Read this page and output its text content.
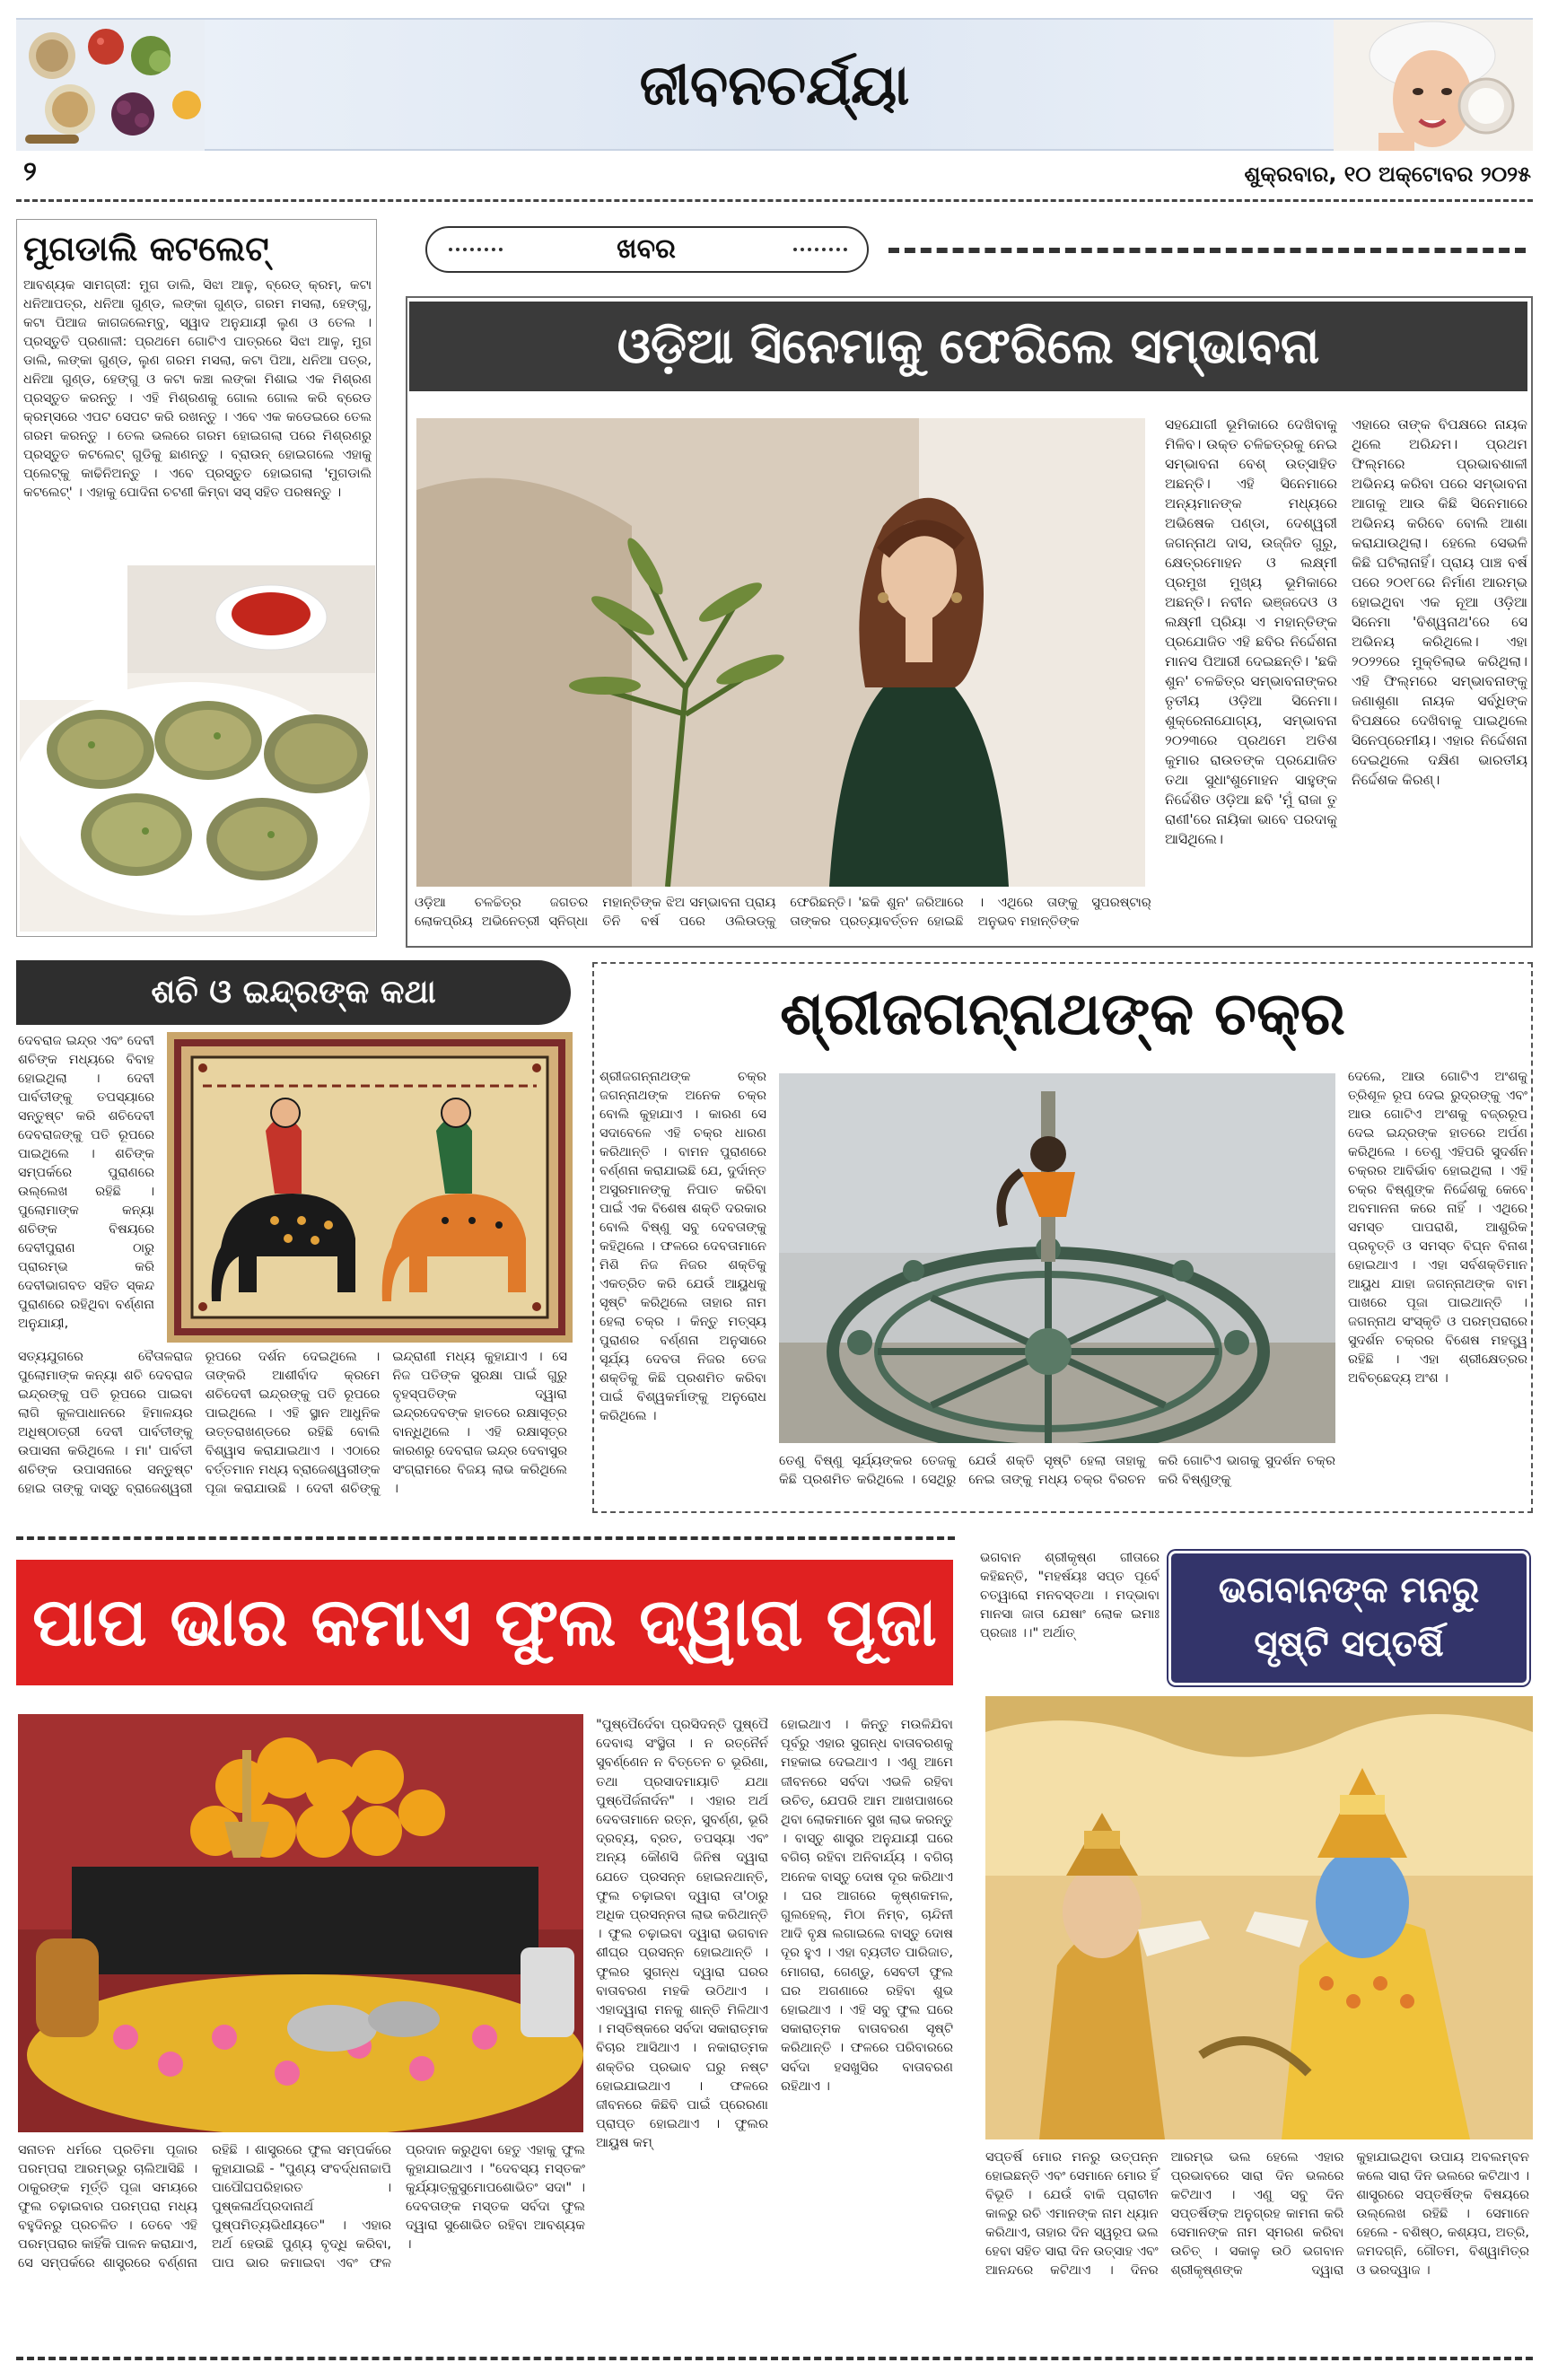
ଜୀବନଚର୍ଯ୍ୟା
୨	ଶୁକ୍ରବାର, ୧୦ ଅକ୍ଟୋବର ୨୦୨୫
ମୁଗଡାଲି କଟଲେଟ୍
ଆବଶ୍ୟକ ସାମଗ୍ରୀ: ମୁଗ ଡାଲି, ସିଝା ଆଳୁ, ବ୍ରେଡ୍ କ୍ରମ୍, କଟା ଧନିଆପତ୍ର, ଧନିଆ ଗୁଣ୍ଡ, ଲଙ୍କା ଗୁଣ୍ଡ, ଗରମ ମସଲା, ହେଙ୍ଗୁ, କଟା ପିଆଜ କାଗଜଲେମ୍ବୁ, ସ୍ୱାଦ ଅନୁଯାୟୀ ଲୁଣ ଓ ତେଲ । ପ୍ରସ୍ତୁତି ପ୍ରଣାଳୀ: ପ୍ରଥମେ ଗୋଟିଏ ପାତ୍ରରେ ସିଝା ଆଳୁ, ମୁଗ ଡାଲି, ଲଙ୍କା ଗୁଣ୍ଡ, ଲୁଣ ଗରମ ମସଲା, କଟା ପିଆ, ଧନିଆ ପତ୍ର, ଧନିଆ ଗୁଣ୍ଡ, ହେଙ୍ଗୁ ଓ କଟା କଞ୍ଚା ଲଙ୍କା ମିଶାଇ ଏକ ମିଶ୍ରଣ ପ୍ରସ୍ତୁତ କରନ୍ତୁ । ଏହି ମିଶ୍ରଣକୁ ଗୋଲ ଗୋଲ କରି ବ୍ରେଡ କ୍ରମ୍ସରେ ଏପଟ ସେପଟ କରି ରଖନ୍ତୁ । ଏବେ ଏକ କଡେଇରେ ତେଲ ଗରମ କରନ୍ତୁ । ତେଲ ଭଲରେ ଗରମ ହୋଇଗଲା ପରେ ମିଶ୍ରଣରୁ ପ୍ରସ୍ତୁତ କଟଲେଟ୍ ଗୁଡିକୁ ଛାଣନ୍ତୁ । ବ୍ରାଉନ୍ ହୋଇଗଲେ ଏହାକୁ ପ୍ଲେଟ୍‌କୁ କାଢିନିଅନ୍ତୁ । ଏବେ ପ୍ରସ୍ତୁତ ହୋଇଗଲା 'ମୁଗଡାଲି କଟଲେଟ୍' । ଏହାକୁ ପୋଦିନା ଚଟଣୀ କିମ୍ବା ସସ୍ ସହିତ ପରଷନ୍ତୁ ।
ଖବର
ଓଡ଼ିଆ ସିନେମାକୁ ଫେରିଲେ ସମ୍ଭାବନା
ସହଯୋଗୀ ଭୂମିକାରେ ଦେଖିବାକୁ ମିଳିବ। ଉକ୍ତ ଚଳିଚ୍ଚତ୍ରକୁ ନେଇ ସମ୍ଭାବନା ବେଶ୍ ଉତ୍ସାହିତ ଅଛନ୍ତି। ଏହି ସିନେମାରେ ଅନ୍ୟମାନଙ୍କ ମଧ୍ୟରେ ଅଭିଷେକ ପଣ୍ଡା, ଦେଶ୍ୱରୀ ଜଗନ୍ନାଥ ଦାସ, ଉଜ୍ଜିତ ଗୁରୁ, କ୍ଷେତ୍ରମୋହନ ଓ ଲକ୍ଷ୍ମୀ ପ୍ରମୁଖ ମୁଖ୍ୟ ଭୂମିକାରେ ଅଛନ୍ତି। ନବୀନ ଭଞ୍ଜଦେଓ ଓ ଲକ୍ଷ୍ମୀ ପ୍ରିୟା ଏ ମହାନ୍ତିଙ୍କ ପ୍ରଯୋଜିତ ଏହି ଛବିର ନିର୍ଦ୍ଦେଶନା ମାନସ ପିଆରୀ ଦେଇଛନ୍ତି। 'ଛକି ଶୁନ' ଚଳଚ୍ଚିତ୍ର ସମ୍ଭାବନାଙ୍କର ତୃତୀୟ ଓଡ଼ିଆ ସିନେମା। ଶୁକ୍ରେନାଯୋଗ୍ୟ, ସମ୍ଭାବନା ୨୦୨୩ରେ ପ୍ରଥମେ ଅତିଶ କୁମାର ରାଉତଙ୍କ ପ୍ରଯୋଜିତ ତଥା ସୁଧାଂଶୁମୋହନ ସାହୁଙ୍କ ନିର୍ଦ୍ଦେଶିତ ଓଡ଼ିଆ ଛବି 'ମୁଁ ରାଜା ତୁ ରାଣୀ'ରେ ନାୟିକା ଭାବେ ପରଦାକୁ ଆସିଥିଲେ।
ଏହାରେ ତାଙ୍କ ବିପକ୍ଷରେ ନାୟକ ଥିଲେ ଅରିନ୍ଦମ। ପ୍ରଥମ ଫିଲ୍ମରେ ପ୍ରଭାବଶାଳୀ ଅଭିନୟ କରିବା ପରେ ସମ୍ଭାବନା ଆଗକୁ ଆଉ କିଛି ସିନେମାରେ ଅଭିନୟ କରିବେ ବୋଲି ଆଶା କରାଯାଉଥିଲା। ହେଲେ ସେଭଳି କିଛି ଘଟିଲାନାହିଁ। ପ୍ରାୟ ପାଞ୍ଚ ବର୍ଷ ପରେ ୨୦୧୮ରେ ନିର୍ମାଣ ଆରମ୍ଭ ହୋଇଥିବା ଏକ ନୂଆ ଓଡ଼ିଆ ସିନେମା 'ବିଶ୍ୱନାଥ'ରେ ସେ ଅଭିନୟ କରିଥିଲେ। ଏହା ୨୦୨୨ରେ ମୁକ୍ତିଲାଭ କରିଥିଲା। ଏହି ଫିଲ୍ମରେ ସମ୍ଭାବନାଙ୍କୁ ଜଣାଶୁଣା ନାୟକ ସର୍ବ୍ଧିଙ୍କ ବିପକ୍ଷରେ ଦେଖିବାକୁ ପାଇଥିଲେ ସିନେପ୍ରେମୀୟ। ଏହାର ନିର୍ଦ୍ଦେଶନା ଦେଇଥିଲେ ଦକ୍ଷିଣ ଭାରତୀୟ ନିର୍ଦ୍ଦେଶକ କିରଣ୍।
ଓଡ଼ିଆ ଚଳଚ୍ଚିତ୍ର ଜଗତର ଲୋକପ୍ରିୟ ଅଭିନେତ୍ରୀ ସ୍ନିଗ୍ଧା ମହାନ୍ତିଙ୍କ ଝିଅ ସମ୍ଭାବନା ପ୍ରାୟ ତିନି ବର୍ଷ ପରେ ଓଲିଉଡ୍‌କୁ ଫେରିଛନ୍ତି। 'ଛକି ଶୁନ' ଜରିଆରେ ତାଙ୍କର ପ୍ରତ୍ୟାବର୍ତ୍ତନ ହୋଇଛି । ଏଥିରେ ତାଙ୍କୁ ସୁପରଷ୍ଟାର୍ ଅନୁଭବ ମହାନ୍ତିଙ୍କ
ଶଚି ଓ ଇନ୍ଦ୍ରଙ୍କ କଥା
ଦେବରାଜ ଇନ୍ଦ୍ର ଏବଂ ଦେବୀ ଶଚିଙ୍କ ମଧ୍ୟରେ ବିବାହ ହୋଇଥିଲା । ଦେବୀ ପାର୍ବତୀଙ୍କୁ ତପସ୍ୟାରେ ସନ୍ତୁଷ୍ଟ କରି ଶଚିଦେବୀ ଦେବରାଜଙ୍କୁ ପତି ରୂପରେ ପାଇଥିଲେ । ଶଚିଙ୍କ ସମ୍ପର୍କରେ ପୁରାଣରେ ଉଲ୍ଲେଖ ରହିଛି । ପୁଲୋମାଙ୍କ କନ୍ୟା ଶଚିଙ୍କ ବିଷୟରେ ଦେବୀପୁରାଣ ଠାରୁ ପ୍ରାରମ୍ଭ କରି ଦେବୀଭାଗବତ ସହିତ ସ୍କନ୍ଦ ପୁରାଣରେ ରହିଥିବା ବର୍ଣ୍ଣନା ଅନୁଯାୟୀ,
ସତ୍ୟଯୁଗରେ ବୈତାଳରାଜ ପୁଲୋମାଙ୍କ କନ୍ୟା ଶଚି ଦେବରାଜ ଇନ୍ଦ୍ରଙ୍କୁ ପତି ରୂପରେ ପାଇବା ଲାଗି କୁଳପାଧାନରେ ହିମାଳୟର ଅଧିଷ୍ଠାତ୍ରୀ ଦେବୀ ପାର୍ବତୀଙ୍କୁ ଉପାସନା କରିଥିଲେ । ମା' ପାର୍ବତୀ ଶଚିଙ୍କ ଉପାସନାରେ ସନ୍ତୁଷ୍ଟ ହୋଇ ତାଙ୍କୁ ଦାସ୍ତୁ ବ୍ରାଜେଶ୍ୱରୀ ରୂପରେ ଦର୍ଶନ ଦେଇଥିଲେ । ତାଙ୍କରି ଆଶୀର୍ବାଦ କ୍ରମେ ଶଚିଦେବୀ ଇନ୍ଦ୍ରଙ୍କୁ ପତି ରୂପରେ ପାଇଥିଲେ । ଏହି ସ୍ଥାନ ଆଧୁନିକ ଉତ୍ତରାଖଣ୍ଡରେ ରହିଛି ବୋଲି ବିଶ୍ୱାସ କରାଯାଇଥାଏ । ଏଠାରେ ବର୍ତ୍ତମାନ ମଧ୍ୟ ବ୍ରାଜେଶ୍ୱରୀଙ୍କ ପୂଜା କରାଯାଉଛି । ଦେବୀ ଶଚିଙ୍କୁ ଇନ୍ଦ୍ରାଣୀ ମଧ୍ୟ କୁହାଯାଏ । ସେ ନିଜ ପତିଙ୍କ ସୁରକ୍ଷା ପାଇଁ ଗୁରୁ ବୃହସ୍ପତିଙ୍କ ଦ୍ୱାରା ଇନ୍ଦ୍ରଦେବଙ୍କ ହାତରେ ରକ୍ଷାସୂତ୍ର ବାନ୍ଧିଥିଲେ । ଏହି ରକ୍ଷାସୂତ୍ର କାରଣରୁ ଦେବରାଜ ଇନ୍ଦ୍ର ଦେବାସୁର ସଂଗ୍ରାମରେ ବିଜୟ ଲାଭ କରିଥିଲେ ।
ଶ୍ରୀଜଗନ୍ନାଥଙ୍କ ଚକ୍ର
ଶ୍ରୀଜଗନ୍ନାଥଙ୍କ ଚକ୍ର ଜଗନ୍ନାଥଙ୍କ ଅନେକ ଚକ୍ର ବୋଲି କୁହାଯାଏ । କାରଣ ସେ ସଦାବେଳେ ଏହି ଚକ୍ର ଧାରଣ କରିଥାନ୍ତି । ବାମନ ପୁରାଣରେ ବର୍ଣ୍ଣନା କରାଯାଇଛି ଯେ, ଦୁର୍ଦାନ୍ତ ଅସୁରମାନଙ୍କୁ ନିପାତ କରିବା ପାଇଁ ଏକ ବିଶେଷ ଶକ୍ତି ଦରକାର ବୋଲି ବିଷ୍ଣୁ ସବୁ ଦେବତାଙ୍କୁ କହିଥିଲେ । ଫଳରେ ଦେବତାମାନେ ମିଶି ନିଜ ନିଜର ଶକ୍ତିକୁ ଏକତ୍ରିତ କରି ଯେଉଁ ଆୟୁଧକୁ ସୃଷ୍ଟି କରିଥିଲେ ତାହାର ନାମ ହେଲା ଚକ୍ର । କିନ୍ତୁ ମତ୍ସ୍ୟ ପୁରାଣର ବର୍ଣ୍ଣନା ଅନୁସାରେ ସୂର୍ଯ୍ୟ ଦେବତା ନିଜର ତେଜ ଶକ୍ତିକୁ କିଛି ପ୍ରଶମିତ କରିବା ପାଇଁ ବିଶ୍ୱକର୍ମାଙ୍କୁ ଅନୁରୋଧ କରିଥିଲେ ।
ତେଣୁ ବିଷ୍ଣୁ ସୂର୍ଯ୍ୟଙ୍କର ତେଜକୁ କିଛି ପ୍ରଶମିତ କରିଥିଲେ । ସେଥିରୁ ଯେଉଁ ଶକ୍ତି ସୃଷ୍ଟି ହେଲା ତାହାକୁ ନେଇ ତାଙ୍କୁ ମଧ୍ୟ ଚକ୍ର ବିରଚନ କରି ଗୋଟିଏ ଭାଗକୁ ସୁଦର୍ଶନ ଚକ୍ର କରି ବିଷ୍ଣୁଙ୍କୁ
ଦେଲେ, ଆଉ ଗୋଟିଏ ଅଂଶକୁ ତ୍ରିଶୂଳ ରୂପ ଦେଇ ରୁଦ୍ରଙ୍କୁ ଏବଂ ଆଉ ଗୋଟିଏ ଅଂଶକୁ ବଜ୍ରରୂପ ଦେଇ ଇନ୍ଦ୍ରଙ୍କ ହାତରେ ଅର୍ପଣ କରିଥିଲେ । ତେଣୁ ଏହିପରି ସୁଦର୍ଶନ ଚକ୍ରର ଆବିର୍ଭାବ ହୋଇଥିଲା । ଏହି ଚକ୍ର ବିଷ୍ଣୁଙ୍କ ନିର୍ଦ୍ଦେଶକୁ କେବେ ଅବମାନନା କରେ ନାହିଁ । ଏଥିରେ ସମସ୍ତ ପାପରାଶି, ଆଶୁରିକ ପ୍ରବୃତ୍ତି ଓ ସମସ୍ତ ବିଘ୍ନ ବିନାଶ ହୋଇଥାଏ । ଏହା ସର୍ବଶକ୍ତିମାନ ଆୟୁଧ ଯାହା ଜଗନ୍ନାଥଙ୍କ ବାମ ପାଖରେ ପୂଜା ପାଇଥାନ୍ତି । ଜଗନ୍ନାଥ ସଂସ୍କୃତି ଓ ପରମ୍ପରାରେ ସୁଦର୍ଶନ ଚକ୍ରର ବିଶେଷ ମହତ୍ତ୍ୱ ରହିଛି । ଏହା ଶ୍ରୀକ୍ଷେତ୍ରର ଅବିଚ୍ଛେଦ୍ୟ ଅଂଶ ।
ପାପ ଭାର କମାଏ ଫୁଲ ଦ୍ୱାରା ପୂଜା
"ପୁଷ୍ପୈର୍ଦେବା ପ୍ରସିଦନ୍ତି ପୁଷ୍ପୈ ଦେବାଶ୍ଚ ସଂସ୍ଥିତା । ନ ରତ୍ନୈର୍ନ ସୁବର୍ଣ୍ଣେନ ନ ବିତ୍ତେନ ଚ ଭୂରିଣା, ତଥା ପ୍ରସାଦମାୟାତି ଯଥା ପୁଷ୍ପୈର୍ଜନାର୍ଦନ" । ଏହାର ଅର୍ଥ ଦେବତାମାନେ ରତ୍ନ, ସୁବର୍ଣ୍ଣ, ଭୂରି ଦ୍ରବ୍ୟ, ବ୍ରତ, ତପସ୍ୟା ଏବଂ ଅନ୍ୟ କୌଣସି ଜିନିଷ ଦ୍ୱାରା ଯେତେ ପ୍ରସନ୍ନ ହୋଇନଥାନ୍ତି, ଫୁଲ ଚଢ଼ାଇବା ଦ୍ୱାରା ତା'ଠାରୁ ଅଧିକ ପ୍ରସନ୍ନତା ଲାଭ କରିଥାନ୍ତି । ଫୁଲ ଚଢ଼ାଇବା ଦ୍ୱାରା ଭଗବାନ ଶୀଘ୍ର ପ୍ରସନ୍ନ ହୋଇଥାନ୍ତି । ଫୁଲର ସୁଗନ୍ଧ ଦ୍ୱାରା ଘରର ବାତାବରଣ ମହକି ଉଠିଥାଏ । ଏହାଦ୍ୱାରା ମନକୁ ଶାନ୍ତି ମିଳିଥାଏ । ମସ୍ତିଷ୍କରେ ସର୍ବଦା ସକାରାତ୍ମକ ବିଚାର ଆସିଥାଏ । ନକାରାତ୍ମକ ଶକ୍ତିର ପ୍ରଭାବ ଘରୁ ନଷ୍ଟ ହୋଇଯାଇଥାଏ । ଫଳରେ ଜୀବନରେ କିଛିବି ପାଇଁ ପ୍ରେରଣା ପ୍ରାପ୍ତ ହୋଇଥାଏ । ଫୁଲର ଆୟୁଷ କମ୍
ହୋଇଥାଏ । କିନ୍ତୁ ମଉଳିଯିବା ପୂର୍ବରୁ ଏହାର ସୁଗନ୍ଧ ବାତାବରଣକୁ ମହକାଇ ଦେଇଥାଏ । ଏଣୁ ଆମେ ଜୀବନରେ ସର୍ବଦା ଏଭଳି ରହିବା ଉଚିତ୍, ଯେପରି ଆମ ଆଖପାଖରେ ଥିବା ଲୋକମାନେ ସୁଖ ଲାଭ କରନ୍ତୁ । ବାସ୍ତୁ ଶାସ୍ତ୍ର ଅନୁଯାୟୀ ଘରେ ବଗିଚା ରହିବା ଅନିବାର୍ଯ୍ୟ । ବଗିଚା ଅନେକ ବାସ୍ତୁ ଦୋଷ ଦୂର କରିଥାଏ । ଘର ଆଗରେ କୃଷ୍ଣକମଳ, ଗୁଲହେଲ୍, ମିଠା ନିମ୍ବ, ଚାନ୍ଦିନୀ ଆଦି ବୃକ୍ଷ ଲଗାଇଲେ ବାସ୍ତୁ ଦୋଷ ଦୂର ହୁଏ । ଏହା ବ୍ୟତୀତ ପାରିଜାତ, ମୋଗରା, ଗେଣ୍ଡୁ, ସେବତୀ ଫୁଲ ଘର ଅଗଣାରେ ରହିବା ଶୁଭ ହୋଇଥାଏ । ଏହି ସବୁ ଫୁଲ ଘରେ ସକାରାତ୍ମକ ବାତାବରଣ ସୃଷ୍ଟି କରିଥାନ୍ତି । ଫଳରେ ପରିବାରରେ ସର୍ବଦା ହସଖୁସିର ବାତାବରଣ ରହିଥାଏ ।
ସନାତନ ଧର୍ମରେ ପ୍ରତିମା ପୂଜାର ପରମ୍ପରା ଆରମ୍ଭରୁ ଚାଲିଆସିଛି । ଠାକୁରଙ୍କ ମୂର୍ତ୍ତି ପୂଜା ସମୟରେ ଫୁଲ ଚଢ଼ାଇବାର ପରମ୍ପରା ମଧ୍ୟ ବହୁଦିନରୁ ପ୍ରଚଳିତ । ତେବେ ଏହି ପରମ୍ପରାର କାହିଁକି ପାଳନ କରାଯାଏ, ସେ ସମ୍ପର୍କରେ ଶାସ୍ତ୍ରରେ ବର୍ଣ୍ଣନା ରହିଛି । ଶାସ୍ତ୍ରରେ ଫୁଲ ସମ୍ପର୍କରେ କୁହାଯାଇଛି - "ପୁଣ୍ୟ ସଂବର୍ଦ୍ଧନାଚ୍ଚାପି ପାପୌଘପରିହାରତ । ପୁଷ୍କଳାର୍ଥପ୍ରଦାନାର୍ଥ ପୁଷ୍ପମିତ୍ୟଭିଧୀୟତେ" । ଏହାର ଅର୍ଥ ହେଉଛି ପୁଣ୍ୟ ବୃଦ୍ଧି କରିବା, ପାପ ଭାର କମାଇବା ଏବଂ ଫଳ ପ୍ରଦାନ କରୁଥିବା ହେତୁ ଏହାକୁ ଫୁଲ କୁହାଯାଇଥାଏ । "ଦେବସ୍ୟ ମସ୍ତକଂ କୁର୍ଯ୍ୟାତ୍‌କୁସୁମୋପଶୋଭିତଂ ସଦା" । ଦେବତାଙ୍କ ମସ୍ତକ ସର୍ବଦା ଫୁଲ ଦ୍ୱାରା ସୁଶୋଭିତ ରହିବା ଆବଶ୍ୟକ ।
ଭଗବାନ ଶ୍ରୀକୃଷ୍ଣ ଗୀତାରେ କହିଛନ୍ତି, "ମହର୍ଷୟଃ ସପ୍ତ ପୂର୍ବେ ଚତ୍ୱାରୋ ମନବସ୍ତଥା । ମଦ୍‌ଭାବା ମାନସା ଜାତା ଯେଷାଂ ଲୋକ ଇମାଃ ପ୍ରଜାଃ ।।" ଅର୍ଥାତ୍
ଭଗବାନଙ୍କ ମନରୁ ସୃଷ୍ଟି ସପ୍ତର୍ଷି
ସପ୍ତର୍ଷି ମୋର ମନରୁ ଉତ୍ପନ୍ନ ହୋଇଛନ୍ତି ଏବଂ ସେମାନେ ମୋର ହିଁ ବିଭୂତି । ଯେଉଁ ବାକି ପ୍ରାଚୀନ କାଳରୁ ରଚି ଏମାନଙ୍କ ନାମ ଧ୍ୟାନ କରିଥାଏ, ତାହାର ଦିନ ସ୍ୱରୂପ ଭଲ ହେବା ସହିତ ସାରା ଦିନ ଉତ୍ସାହ ଏବଂ ଆନନ୍ଦରେ କଟିଥାଏ । ଦିନର ଆରମ୍ଭ ଭଲ ହେଲେ ଏହାର ପ୍ରଭାବରେ ସାରା ଦିନ ଭଲରେ କଟିଥାଏ । ଏଣୁ ସବୁ ଦିନ ସପ୍ତର୍ଷିଙ୍କ ଅନୁଗ୍ରହ କାମନା କରି ସେମାନଙ୍କ ନାମ ସ୍ମରଣ କରିବା ଉଚିତ୍ । ସକାଳୁ ଉଠି ଭଗବାନ ଶ୍ରୀକୃଷ୍ଣଙ୍କ ଦ୍ୱାରା କୁହାଯାଇଥିବା ଉପାୟ ଅବଲମ୍ବନ କଲେ ସାରା ଦିନ ଭଲରେ କଟିଥାଏ । ଶାସ୍ତ୍ରରେ ସପ୍ତର୍ଷିଙ୍କ ବିଷୟରେ ଉଲ୍ଲେଖ ରହିଛି । ସେମାନେ ହେଲେ - ବଶିଷ୍ଠ, କଶ୍ୟପ, ଅତ୍ରି, ଜମଦଗ୍ନି, ଗୌତମ, ବିଶ୍ୱାମିତ୍ର ଓ ଭରଦ୍ୱାଜ ।
